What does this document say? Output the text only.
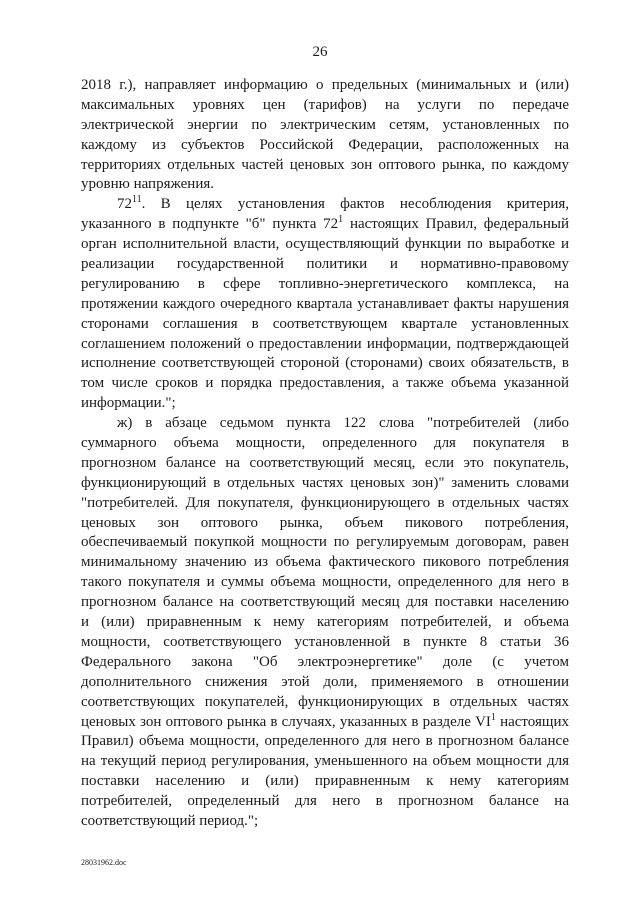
26
2018 г.), направляет информацию о предельных (минимальных и (или)
максимальных уровнях цен (тарифов) на услуги по передаче
электрической энергии по электрическим сетям, установленных по
каждому из субъектов Российской Федерации, расположенных на
территориях отдельных частей ценовых зон оптового рынка, по каждому
уровню напряжения.
$72^{11}$. В целях установления фактов несоблюдения критерия,
указанного в подпункте "б" пункта $72^1$ настоящих Правил, федеральный
орган исполнительной власти, осуществляющий функции по выработке и
реализации государственной политики и нормативно-правовому
регулированию в сфере топливно-энергетического комплекса, на
протяжении каждого очередного квартала устанавливает факты нарушения
сторонами соглашения в соответствующем квартале установленных
соглашением положений о предоставлении информации, подтверждающей
исполнение соответствующей стороной (сторонами) своих обязательств, в
том числе сроков и порядка предоставления, а также объема указанной
информации.";
ж) в абзаце седьмом пункта 122 слова "потребителей (либо
суммарного объема мощности, определенного для покупателя в
прогнозном балансе на соответствующий месяц, если это покупатель,
функционирующий в отдельных частях ценовых зон)" заменить словами
"потребителей. Для покупателя, функционирующего в отдельных частях
ценовых зон оптового рынка, объем пикового потребления,
обеспечиваемый покупкой мощности по регулируемым договорам, равен
минимальному значению из объема фактического пикового потребления
такого покупателя и суммы объема мощности, определенного для него в
прогнозном балансе на соответствующий месяц для поставки населению
и (или) приравненным к нему категориям потребителей, и объема
мощности, соответствующего установленной в пункте 8 статьи 36
Федерального закона "Об электроэнергетике" доле (с учетом
дополнительного снижения этой доли, применяемого в отношении
соответствующих покупателей, функционирующих в отдельных частях
ценовых зон оптового рынка в случаях, указанных в разделе $VI^1$ настоящих
Правил) объема мощности, определенного для него в прогнозном балансе
на текущий период регулирования, уменьшенного на объем мощности для
поставки населению и (или) приравненным к нему категориям
потребителей, определенный для него в прогнозном балансе на
соответствующий период.";
28031962.doc
